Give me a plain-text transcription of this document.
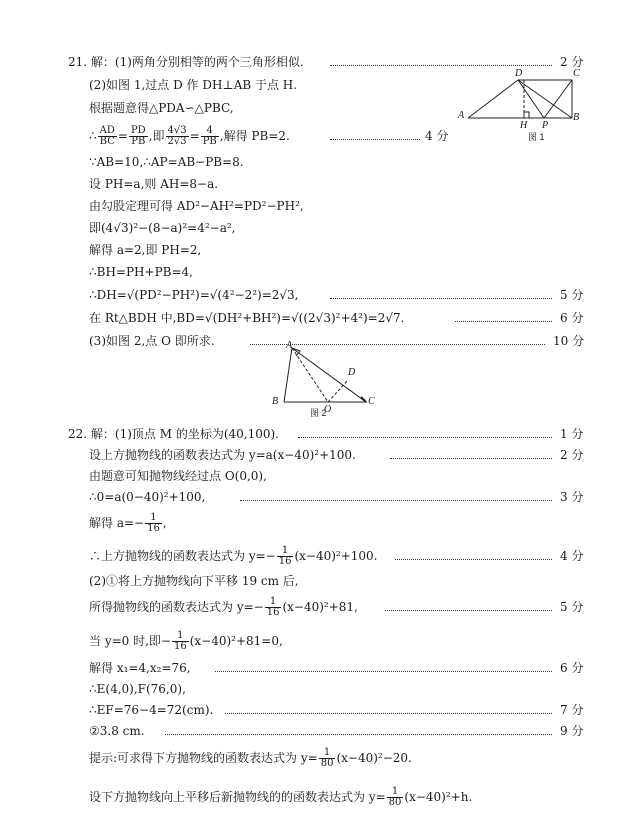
21. 解：(1)两角分别相等的两个三角形相似.	2 分
(2)如图 1,过点 D 作 DH⊥AB 于点 H.
根据题意得△PDA∽△PBC,
∴ $\frac{AD}{BC} = \frac{PD}{PB}$ ,即 $\frac{4√3}{2√3} = \frac{4}{PB}$ ,解得 PB=2.	4 分
∵AB=10,∴AP=AB−PB=8.
设 PH=a,则 AH=8−a.
由勾股定理可得 AD²−AH²=PD²−PH²,
即(4√3)²−(8−a)²=4²−a²,
解得 a=2,即 PH=2,
∴BH=PH+PB=4,
∴DH=√(PD²−PH²)=√(4²−2²)=2√3,	5 分
在 Rt△BDH 中,BD=√(DH²+BH²)=√((2√3)²+4²)=2√7.	6 分
(3)如图 2,点 O 即所求.	10 分
A
D	C
B
H P
图 1
A
B	C
D
O
图 2
22. 解：(1)顶点 M 的坐标为(40,100).	1 分
设上方抛物线的函数表达式为 y=a(x−40)²+100.	2 分
由题意可知抛物线经过点 O(0,0),
∴0=a(0−40)²+100,	3 分
解得 $a=- \frac{1}{16}$ ,
∴上方抛物线的函数表达式为 $y=- \frac{1}{16} (x-40)^2+100$.	4 分
(2)①将上方抛物线向下平移 19 cm 后,
所得抛物线的函数表达式为 $y=- \frac{1}{16} (x-40)^2+81$,	5 分
当 y=0 时,即− $\frac{1}{16} (x-40)^2+81=0$,
解得 x₁=4,x₂=76,	6 分
∴E(4,0),F(76,0),
∴EF=76−4=72(cm).	7 分
②3.8 cm.	9 分
提示:可求得下方抛物线的函数表达式为 $y= \frac{1}{80} (x-40)^2-20$.
设下方抛物线向上平移后新抛物线的的函数表达式为 $y= \frac{1}{80} (x-40)^2+h$.
